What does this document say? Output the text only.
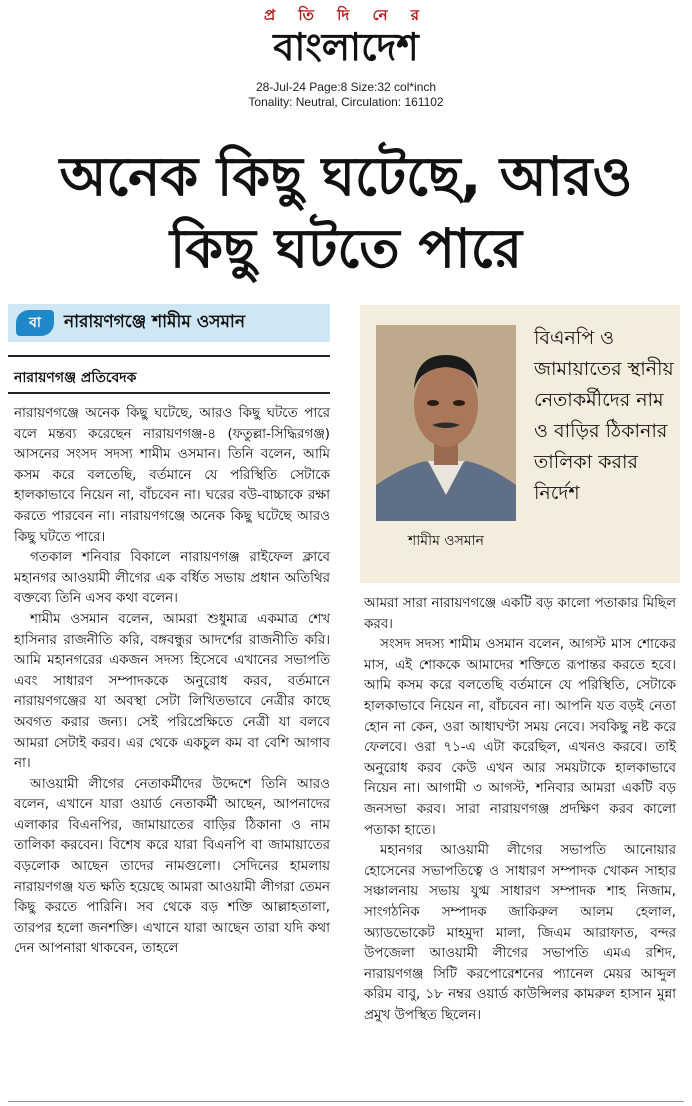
প্র তি দি নে র
বাংলাদেশ
28-Jul-24 Page:8 Size:32 col*inch
Tonality: Neutral, Circulation: 161102
অনেক কিছু ঘটেছে, আরও
কিছু ঘটতে পারে
বা	নারায়ণগঞ্জে শামীম ওসমান
নারায়ণগঞ্জ প্রতিবেদক
শামীম ওসমান
বিএনপি ও জামায়াতের স্থানীয় নেতাকর্মীদের নাম ও বাড়ির ঠিকানার তালিকা করার নির্দেশ

নারায়ণগঞ্জে অনেক কিছু ঘটেছে, আরও কিছু ঘটতে পারে বলে মন্তব্য করেছেন নারায়ণগঞ্জ-৪ (ফতুল্লা-সিদ্ধিরগঞ্জ) আসনের সংসদ সদস্য শামীম ওসমান। তিনি বলেন, আমি কসম করে বলতেছি, বর্তমানে যে পরিস্থিতি সেটাকে হালকাভাবে নিয়েন না, বাঁচবেন না। ঘরের বউ-বাচ্চাকে রক্ষা করতে পারবেন না। নারায়ণগঞ্জে অনেক কিছু ঘটেছে আরও কিছু ঘটতে পারে।

গতকাল শনিবার বিকালে নারায়ণগঞ্জ রাইফেল ক্লাবে মহানগর আওয়ামী লীগের এক বর্ধিত সভায় প্রধান অতিথির বক্তব্যে তিনি এসব কথা বলেন।

শামীম ওসমান বলেন, আমরা শুধুমাত্র একমাত্র শেখ হাসিনার রাজনীতি করি, বঙ্গবন্ধুর আদর্শের রাজনীতি করি। আমি মহানগরের একজন সদস্য হিসেবে এখানের সভাপতি এবং সাধারণ সম্পাদককে অনুরোধ করব, বর্তমানে নারায়ণগঞ্জের যা অবস্থা সেটা লিখিতভাবে নেত্রীর কাছে অবগত করার জন্য। সেই পরিপ্রেক্ষিতে নেত্রী যা বলবে আমরা সেটাই করব। এর থেকে একচুল কম বা বেশি আগাব না।

আওয়ামী লীগের নেতাকর্মীদের উদ্দেশে তিনি আরও বলেন, এখানে যারা ওয়ার্ড নেতাকর্মী আছেন, আপনাদের এলাকার বিএনপির, জামায়াতের বাড়ির ঠিকানা ও নাম তালিকা করবেন। বিশেষ করে যারা বিএনপি বা জামায়াতের বড়লোক আছেন তাদের নামগুলো। সেদিনের হামলায় নারায়ণগঞ্জ যত ক্ষতি হয়েছে আমরা আওয়ামী লীগরা তেমন কিছু করতে পারিনি। সব থেকে বড় শক্তি আল্লাহতালা, তারপর হলো জনশক্তি। এখানে যারা আছেন তারা যদি কথা দেন আপনারা থাকবেন, তাহলে

আমরা সারা নারায়ণগঞ্জে একটি বড় কালো পতাকার মিছিল করব।

সংসদ সদস্য শামীম ওসমান বলেন, আগস্ট মাস শোকের মাস, এই শোককে আমাদের শক্তিতে রূপান্তর করতে হবে। আমি কসম করে বলতেছি বর্তমানে যে পরিস্থিতি, সেটাকে হালকাভাবে নিয়েন না, বাঁচবেন না। আপনি যত বড়ই নেতা হোন না কেন, ওরা আধাঘণ্টা সময় নেবে। সবকিছু নষ্ট করে ফেলবে। ওরা ৭১-এ এটা করেছিল, এখনও করবে। তাই অনুরোধ করব কেউ এখন আর সময়টাকে হালকাভাবে নিয়েন না। আগামী ৩ আগস্ট, শনিবার আমরা একটি বড় জনসভা করব। সারা নারায়ণগঞ্জ প্রদক্ষিণ করব কালো পতাকা হাতে।

মহানগর আওয়ামী লীগের সভাপতি আনোয়ার হোসেনের সভাপতিত্বে ও সাধারণ সম্পাদক খোকন সাহার সঞ্চালনায় সভায় যুগ্ম সাধারণ সম্পাদক শাহ নিজাম, সাংগঠনিক সম্পাদক জাকিরুল আলম হেলাল, অ্যাডভোকেট মাহমুদা মালা, জিএম আরাফাত, বন্দর উপজেলা আওয়ামী লীগের সভাপতি এমএ রশিদ, নারায়ণগঞ্জ সিটি করপোরেশনের প্যানেল মেয়র আব্দুল করিম বাবু, ১৮ নম্বর ওয়ার্ড কাউন্সিলর কামরুল হাসান মুন্না প্রমুখ উপস্থিত ছিলেন।
